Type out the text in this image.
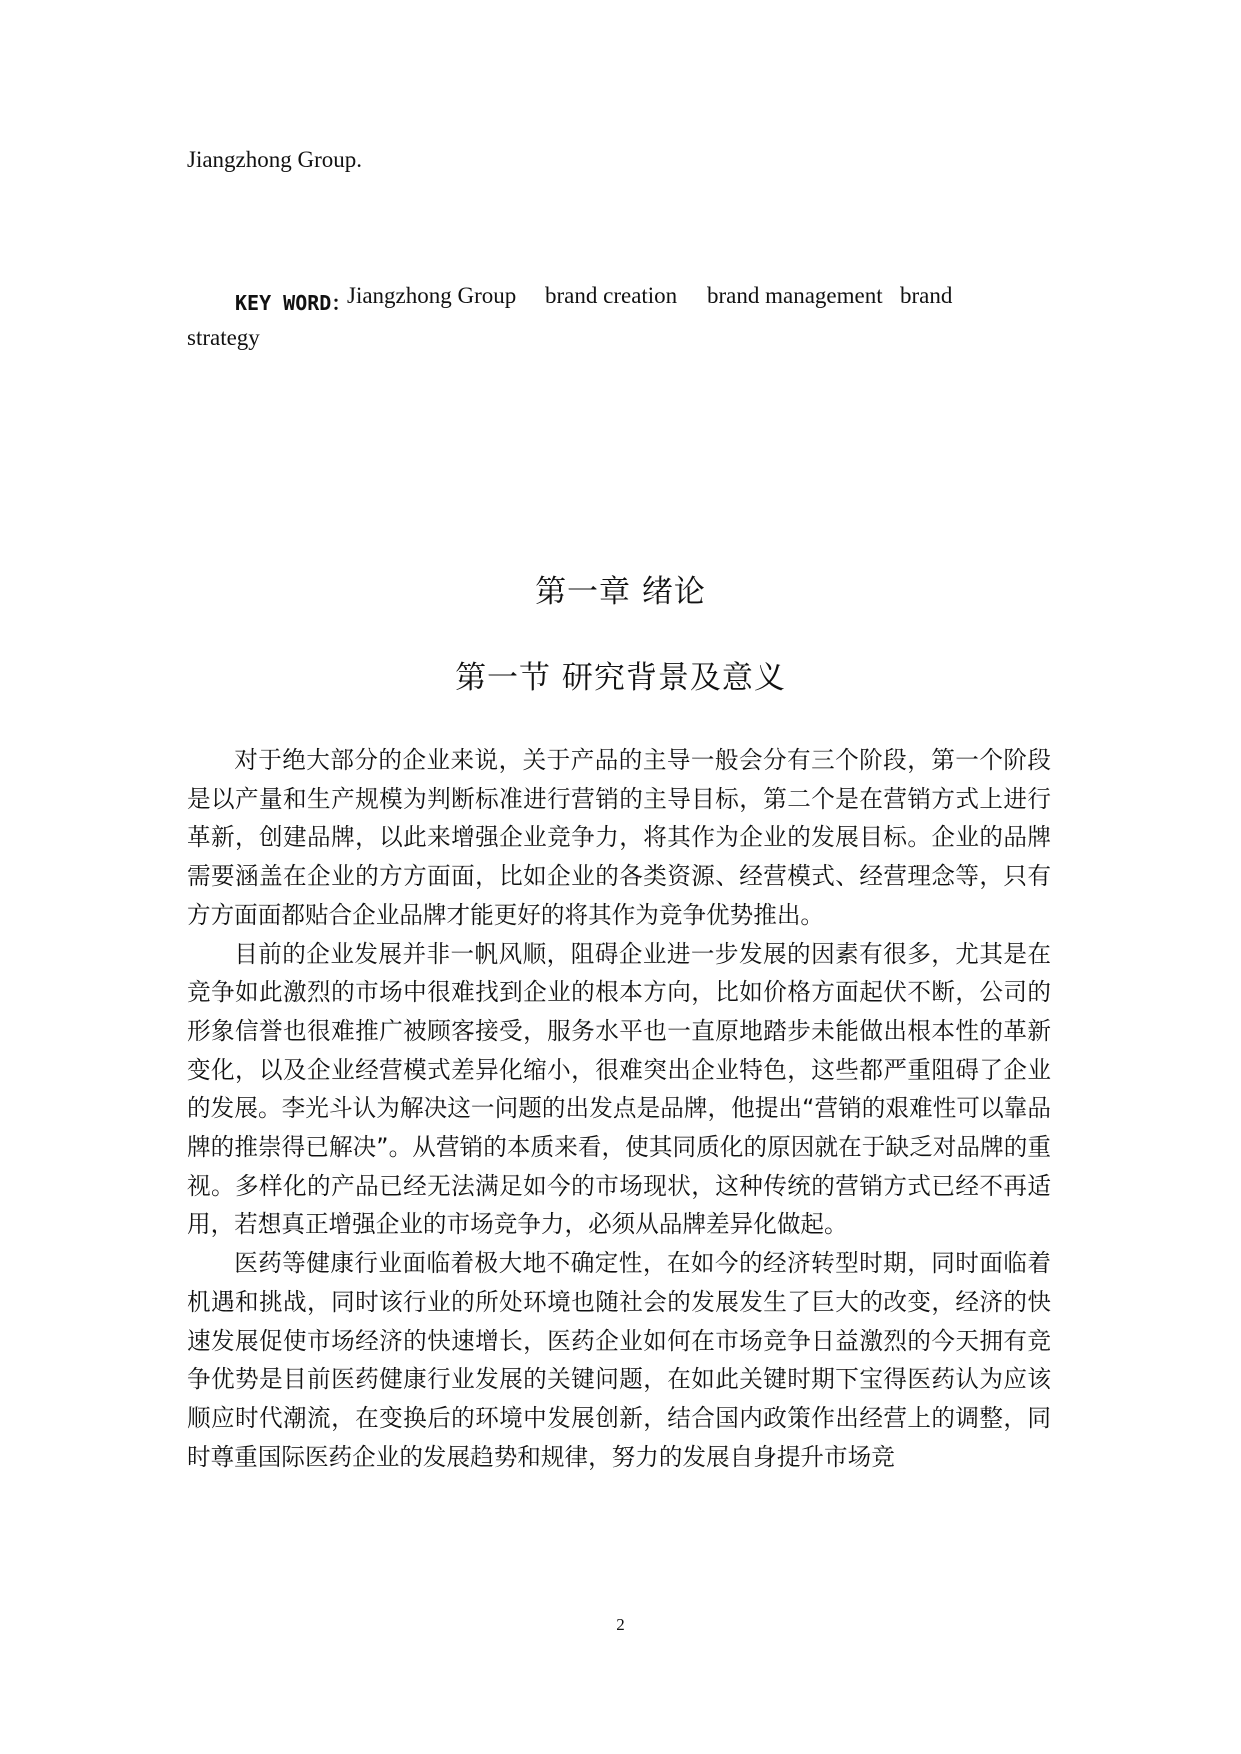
Jiangzhong Group.
KEY WORD：
Jiangzhong Group brand creation brand management brand
strategy
第一章 绪论
第一节 研究背景及意义

对于绝大部分的企业来说，关于产品的主导一般会分有三个阶段，第一个阶段是以产量和生产规模为判断标准进行营销的主导目标，第二个是在营销方式上进行革新，创建品牌，以此来增强企业竞争力，将其作为企业的发展目标。企业的品牌需要涵盖在企业的方方面面，比如企业的各类资源、经营模式、经营理念等，只有方方面面都贴合企业品牌才能更好的将其作为竞争优势推出。

目前的企业发展并非一帆风顺，阻碍企业进一步发展的因素有很多，尤其是在竞争如此激烈的市场中很难找到企业的根本方向，比如价格方面起伏不断，公司的形象信誉也很难推广被顾客接受，服务水平也一直原地踏步未能做出根本性的革新变化，以及企业经营模式差异化缩小，很难突出企业特色，这些都严重阻碍了企业的发展。李光斗认为解决这一问题的出发点是品牌，他提出“营销的艰难性可以靠品牌的推崇得已解决”。从营销的本质来看，使其同质化的原因就在于缺乏对品牌的重视。多样化的产品已经无法满足如今的市场现状，这种传统的营销方式已经不再适用，若想真正增强企业的市场竞争力，必须从品牌差异化做起。

医药等健康行业面临着极大地不确定性，在如今的经济转型时期，同时面临着机遇和挑战，同时该行业的所处环境也随社会的发展发生了巨大的改变，经济的快速发展促使市场经济的快速增长，医药企业如何在市场竞争日益激烈的今天拥有竞争优势是目前医药健康行业发展的关键问题，在如此关键时期下宝得医药认为应该顺应时代潮流，在变换后的环境中发展创新，结合国内政策作出经营上的调整，同时尊重国际医药企业的发展趋势和规律，努力的发展自身提升市场竞

2
